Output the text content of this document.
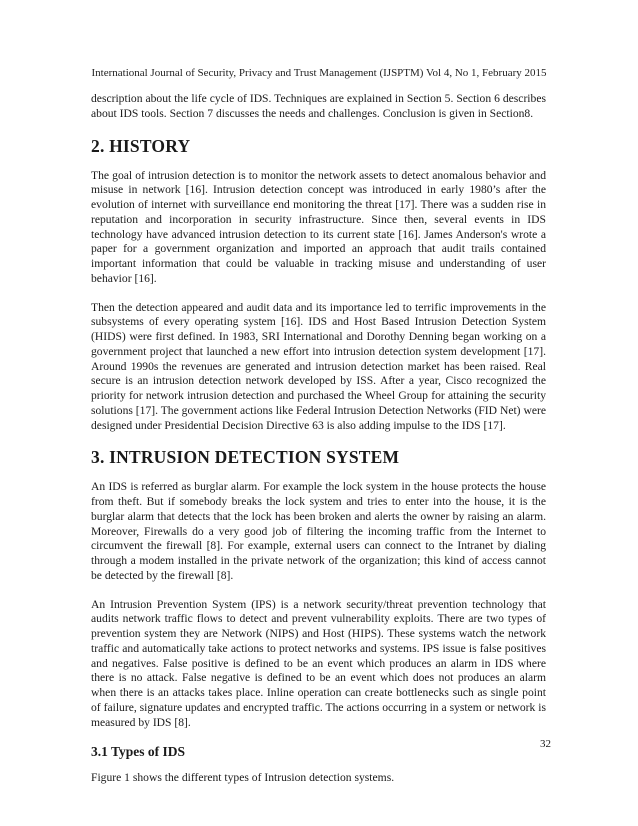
International Journal of Security, Privacy and Trust Management (IJSPTM) Vol 4, No 1, February 2015

description about the life cycle of IDS. Techniques are explained in Section 5. Section 6 describes about IDS tools. Section 7 discusses the needs and challenges. Conclusion is given in Section8.

2. HISTORY

The goal of intrusion detection is to monitor the network assets to detect anomalous behavior and misuse in network [16]. Intrusion detection concept was introduced in early 1980’s after the evolution of internet with surveillance end monitoring the threat [17]. There was a sudden rise in reputation and incorporation in security infrastructure. Since then, several events in IDS technology have advanced intrusion detection to its current state [16]. James Anderson's wrote a paper for a government organization and imported an approach that audit trails contained important information that could be valuable in tracking misuse and understanding of user behavior [16].

Then the detection appeared and audit data and its importance led to terrific improvements in the subsystems of every operating system [16]. IDS and Host Based Intrusion Detection System (HIDS) were first defined. In 1983, SRI International and Dorothy Denning began working on a government project that launched a new effort into intrusion detection system development [17]. Around 1990s the revenues are generated and intrusion detection market has been raised. Real secure is an intrusion detection network developed by ISS. After a year, Cisco recognized the priority for network intrusion detection and purchased the Wheel Group for attaining the security solutions [17]. The government actions like Federal Intrusion Detection Networks (FID Net) were designed under Presidential Decision Directive 63 is also adding impulse to the IDS [17].

3. INTRUSION DETECTION SYSTEM

An IDS is referred as burglar alarm. For example the lock system in the house protects the house from theft. But if somebody breaks the lock system and tries to enter into the house, it is the burglar alarm that detects that the lock has been broken and alerts the owner by raising an alarm. Moreover, Firewalls do a very good job of filtering the incoming traffic from the Internet to circumvent the firewall [8]. For example, external users can connect to the Intranet by dialing through a modem installed in the private network of the organization; this kind of access cannot be detected by the firewall [8].

An Intrusion Prevention System (IPS) is a network security/threat prevention technology that audits network traffic flows to detect and prevent vulnerability exploits. There are two types of prevention system they are Network (NIPS) and Host (HIPS). These systems watch the network traffic and automatically take actions to protect networks and systems. IPS issue is false positives and negatives. False positive is defined to be an event which produces an alarm in IDS where there is no attack. False negative is defined to be an event which does not produces an alarm when there is an attacks takes place. Inline operation can create bottlenecks such as single point of failure, signature updates and encrypted traffic. The actions occurring in a system or network is measured by IDS [8].

3.1 Types of IDS

Figure 1 shows the different types of Intrusion detection systems.

32
